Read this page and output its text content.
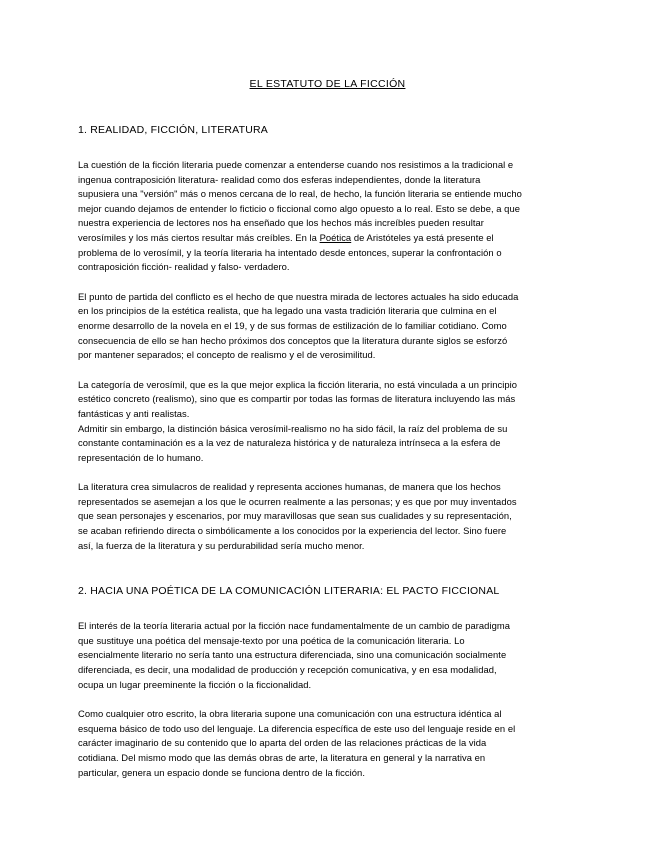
EL ESTATUTO DE LA FICCIÓN
1. REALIDAD, FICCIÓN, LITERATURA

La cuestión de la ficción literaria puede comenzar a entenderse cuando nos resistimos a la tradicional e
ingenua contraposición literatura- realidad como dos esferas independientes, donde la literatura
supusiera una "versión" más o menos cercana de lo real, de hecho, la función literaria se entiende mucho
mejor cuando dejamos de entender lo ficticio o ficcional como algo opuesto a lo real. Esto se debe, a que
nuestra experiencia de lectores nos ha enseñado que los hechos más increíbles pueden resultar
verosímiles y los más ciertos resultar más creíbles. En la Poética de Aristóteles ya está presente el
problema de lo verosímil, y la teoría literaria ha intentado desde entonces, superar la confrontación o
contraposición ficción- realidad y falso- verdadero.

El punto de partida del conflicto es el hecho de que nuestra mirada de lectores actuales ha sido educada
en los principios de la estética realista, que ha legado una vasta tradición literaria que culmina en el
enorme desarrollo de la novela en el 19, y de sus formas de estilización de lo familiar cotidiano. Como
consecuencia de ello se han hecho próximos dos conceptos que la literatura durante siglos se esforzó
por mantener separados; el concepto de realismo y el de verosimilitud.

La categoría de verosímil, que es la que mejor explica la ficción literaria, no está vinculada a un principio
estético concreto (realismo), sino que es compartir por todas las formas de literatura incluyendo las más
fantásticas y anti realistas.
Admitir sin embargo, la distinción básica verosímil-realismo no ha sido fácil, la raíz del problema de su
constante contaminación es a la vez de naturaleza histórica y de naturaleza intrínseca a la esfera de
representación de lo humano.

La literatura crea simulacros de realidad y representa acciones humanas, de manera que los hechos
representados se asemejan a los que le ocurren realmente a las personas; y es que por muy inventados
que sean personajes y escenarios, por muy maravillosas que sean sus cualidades y su representación,
se acaban refiriendo directa o simbólicamente a los conocidos por la experiencia del lector. Sino fuere
así, la fuerza de la literatura y su perdurabilidad sería mucho menor.

2. HACIA UNA POÉTICA DE LA COMUNICACIÓN LITERARIA: EL PACTO FICCIONAL

El interés de la teoría literaria actual por la ficción nace fundamentalmente de un cambio de paradigma
que sustituye una poética del mensaje-texto por una poética de la comunicación literaria. Lo
esencialmente literario no sería tanto una estructura diferenciada, sino una comunicación socialmente
diferenciada, es decir, una modalidad de producción y recepción comunicativa, y en esa modalidad,
ocupa un lugar preeminente la ficción o la ficcionalidad.

Como cualquier otro escrito, la obra literaria supone una comunicación con una estructura idéntica al
esquema básico de todo uso del lenguaje. La diferencia específica de este uso del lenguaje reside en el
carácter imaginario de su contenido que lo aparta del orden de las relaciones prácticas de la vida
cotidiana. Del mismo modo que las demás obras de arte, la literatura en general y la narrativa en
particular, genera un espacio donde se funciona dentro de la ficción.
